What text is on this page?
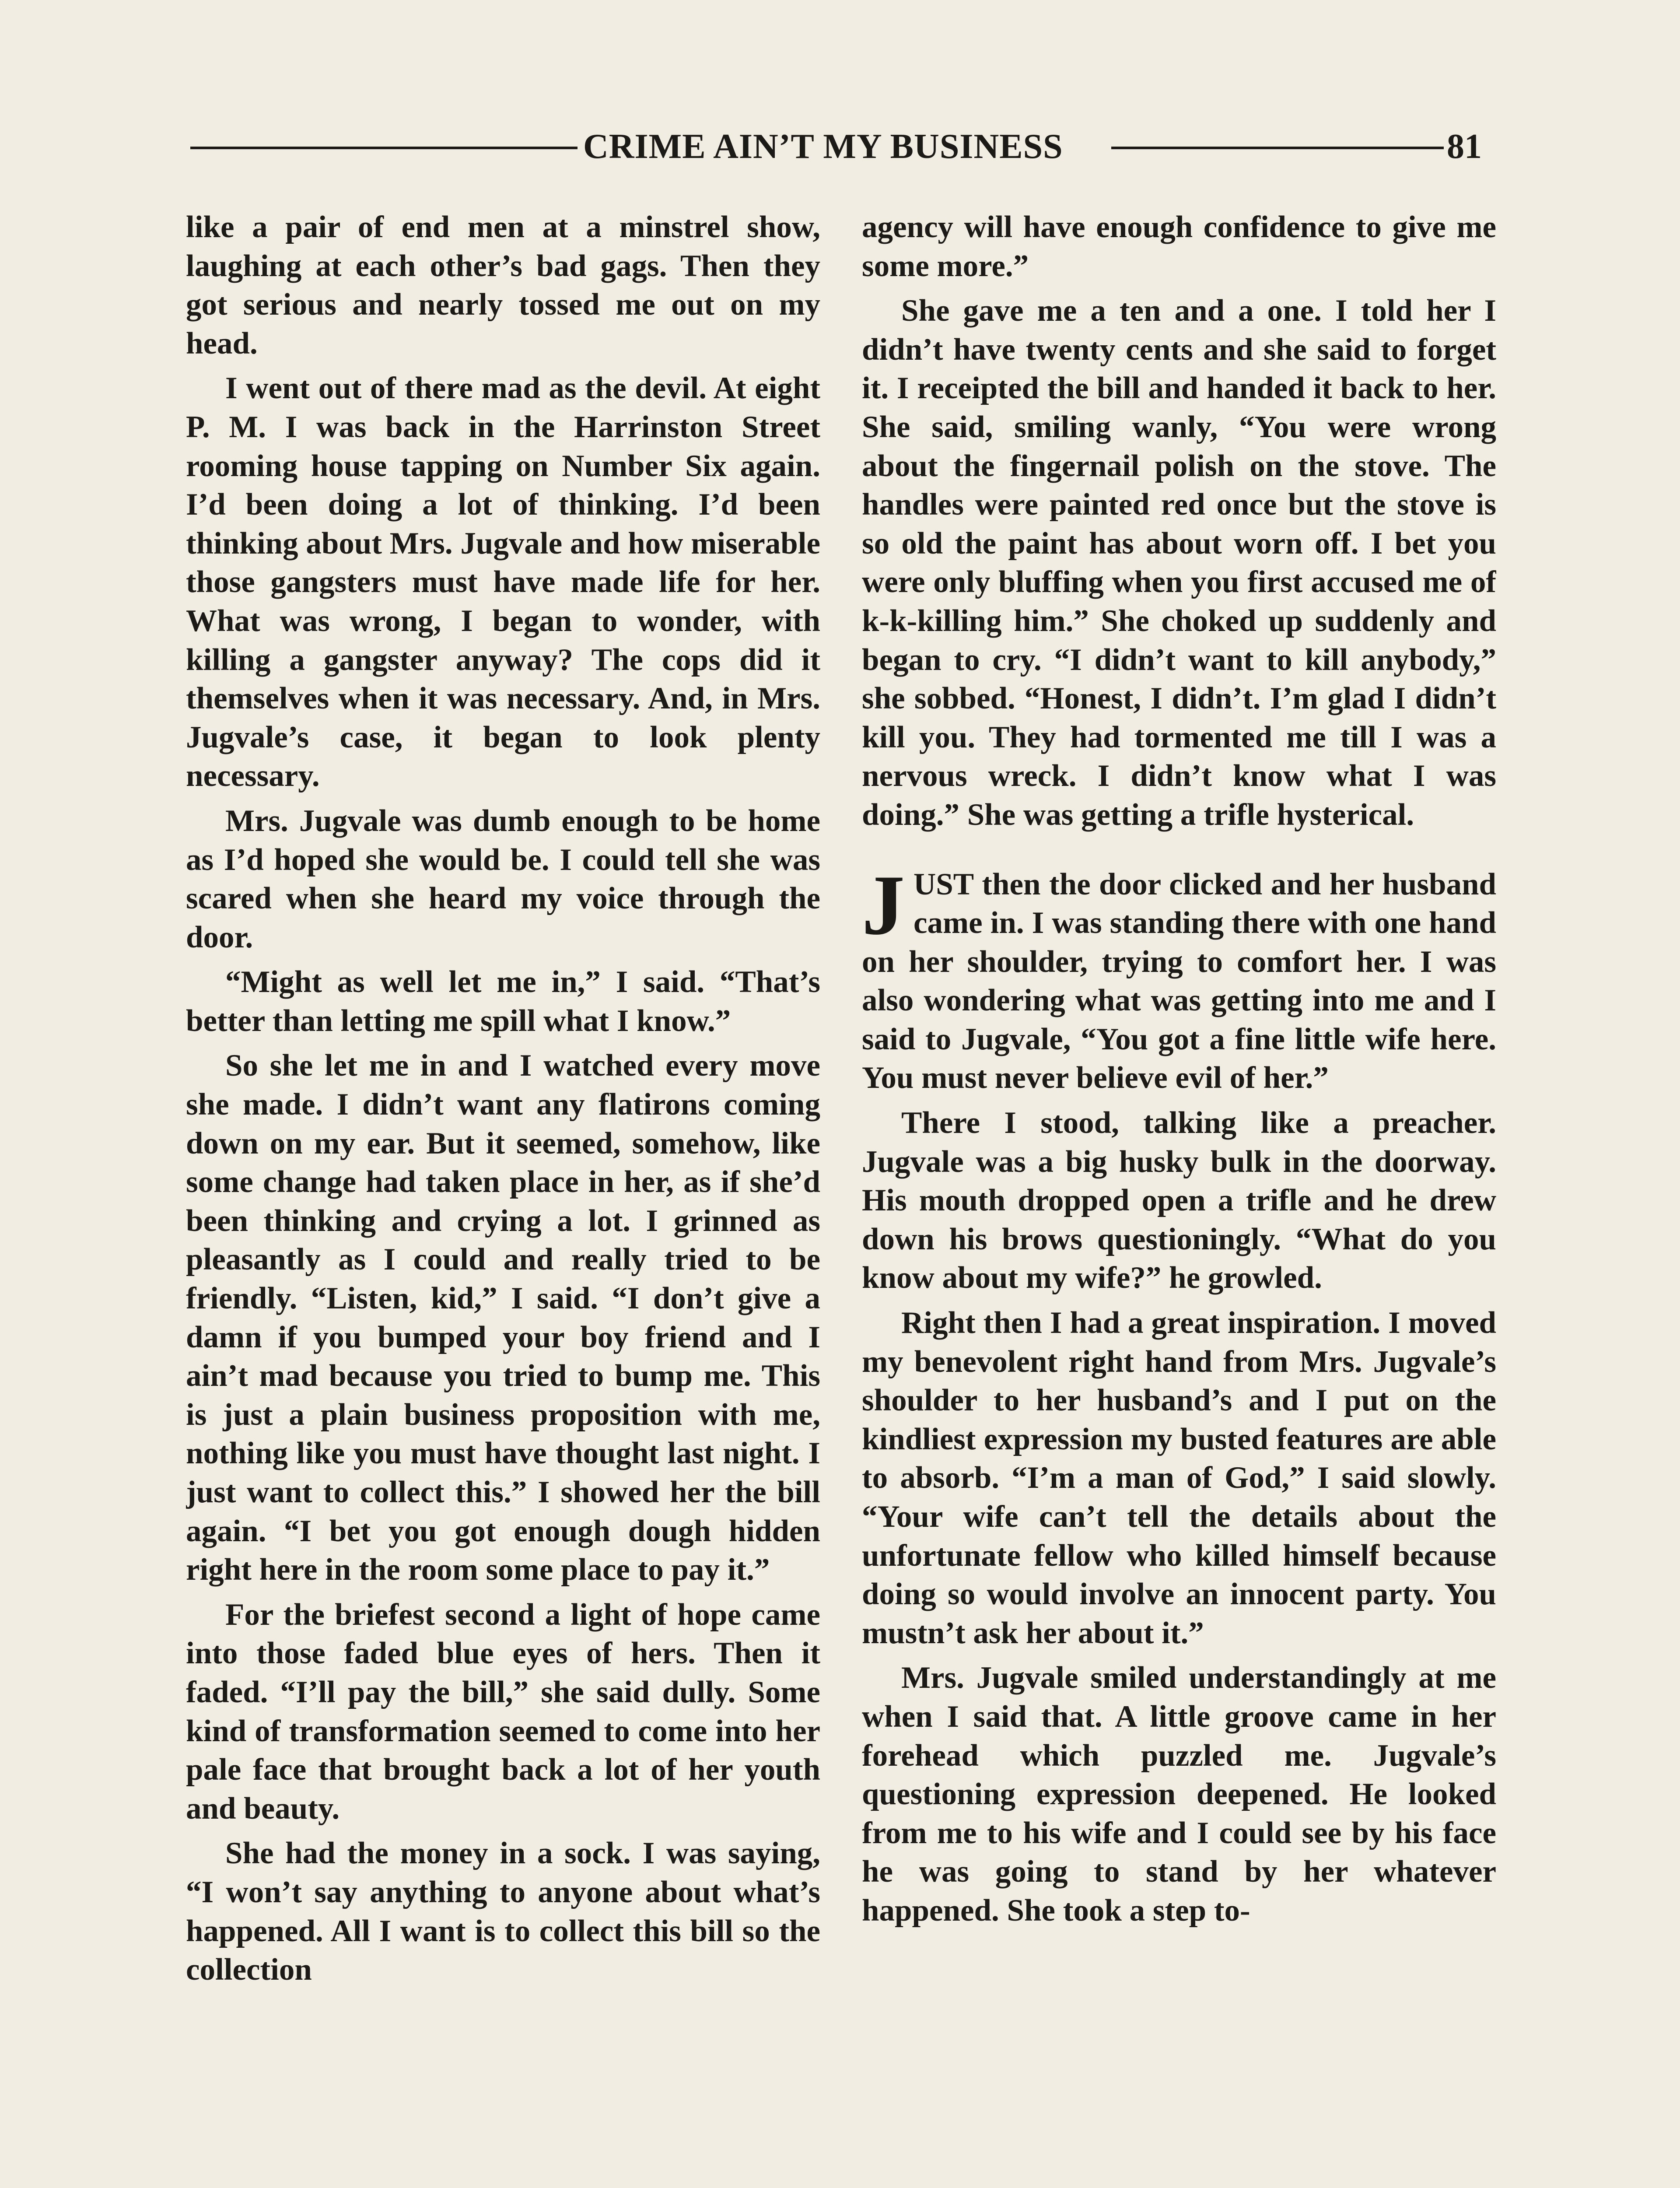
CRIME AIN’T MY BUSINESS	81

like a pair of end men at a minstrel show, laughing at each other’s bad gags. Then they got serious and nearly tossed me out on my head.

I went out of there mad as the devil. At eight P. M. I was back in the Harrinston Street rooming house tapping on Number Six again. I’d been doing a lot of thinking. I’d been thinking about Mrs. Jugvale and how miserable those gangsters must have made life for her. What was wrong, I began to wonder, with killing a gangster anyway? The cops did it themselves when it was necessary. And, in Mrs. Jugvale’s case, it began to look plenty necessary.

Mrs. Jugvale was dumb enough to be home as I’d hoped she would be. I could tell she was scared when she heard my voice through the door.

“Might as well let me in,” I said. “That’s better than letting me spill what I know.”

So she let me in and I watched every move she made. I didn’t want any flatirons coming down on my ear. But it seemed, somehow, like some change had taken place in her, as if she’d been thinking and crying a lot. I grinned as pleasantly as I could and really tried to be friendly. “Listen, kid,” I said. “I don’t give a damn if you bumped your boy friend and I ain’t mad because you tried to bump me. This is just a plain business proposition with me, nothing like you must have thought last night. I just want to collect this.” I showed her the bill again. “I bet you got enough dough hidden right here in the room some place to pay it.”

For the briefest second a light of hope came into those faded blue eyes of hers. Then it faded. “I’ll pay the bill,” she said dully. Some kind of transformation seemed to come into her pale face that brought back a lot of her youth and beauty.

She had the money in a sock. I was saying, “I won’t say anything to anyone about what’s happened. All I want is to collect this bill so the collection

agency will have enough confidence to give me some more.”

She gave me a ten and a one. I told her I didn’t have twenty cents and she said to forget it. I receipted the bill and handed it back to her. She said, smiling wanly, “You were wrong about the fingernail polish on the stove. The handles were painted red once but the stove is so old the paint has about worn off. I bet you were only bluffing when you first accused me of k-k-killing him.” She choked up suddenly and began to cry. “I didn’t want to kill anybody,” she sobbed. “Honest, I didn’t. I’m glad I didn’t kill you. They had tormented me till I was a nervous wreck. I didn’t know what I was doing.” She was getting a trifle hysterical.

JUST then the door clicked and her husband came in. I was standing there with one hand on her shoulder, trying to comfort her. I was also wondering what was getting into me and I said to Jugvale, “You got a fine little wife here. You must never believe evil of her.”

There I stood, talking like a preacher. Jugvale was a big husky bulk in the doorway. His mouth dropped open a trifle and he drew down his brows questioningly. “What do you know about my wife?” he growled.

Right then I had a great inspiration. I moved my benevolent right hand from Mrs. Jugvale’s shoulder to her husband’s and I put on the kindliest expression my busted features are able to absorb. “I’m a man of God,” I said slowly. “Your wife can’t tell the details about the unfortunate fellow who killed himself because doing so would involve an innocent party. You mustn’t ask her about it.”

Mrs. Jugvale smiled understandingly at me when I said that. A little groove came in her forehead which puzzled me. Jugvale’s questioning expression deepened. He looked from me to his wife and I could see by his face he was going to stand by her whatever happened. She took a step to-
